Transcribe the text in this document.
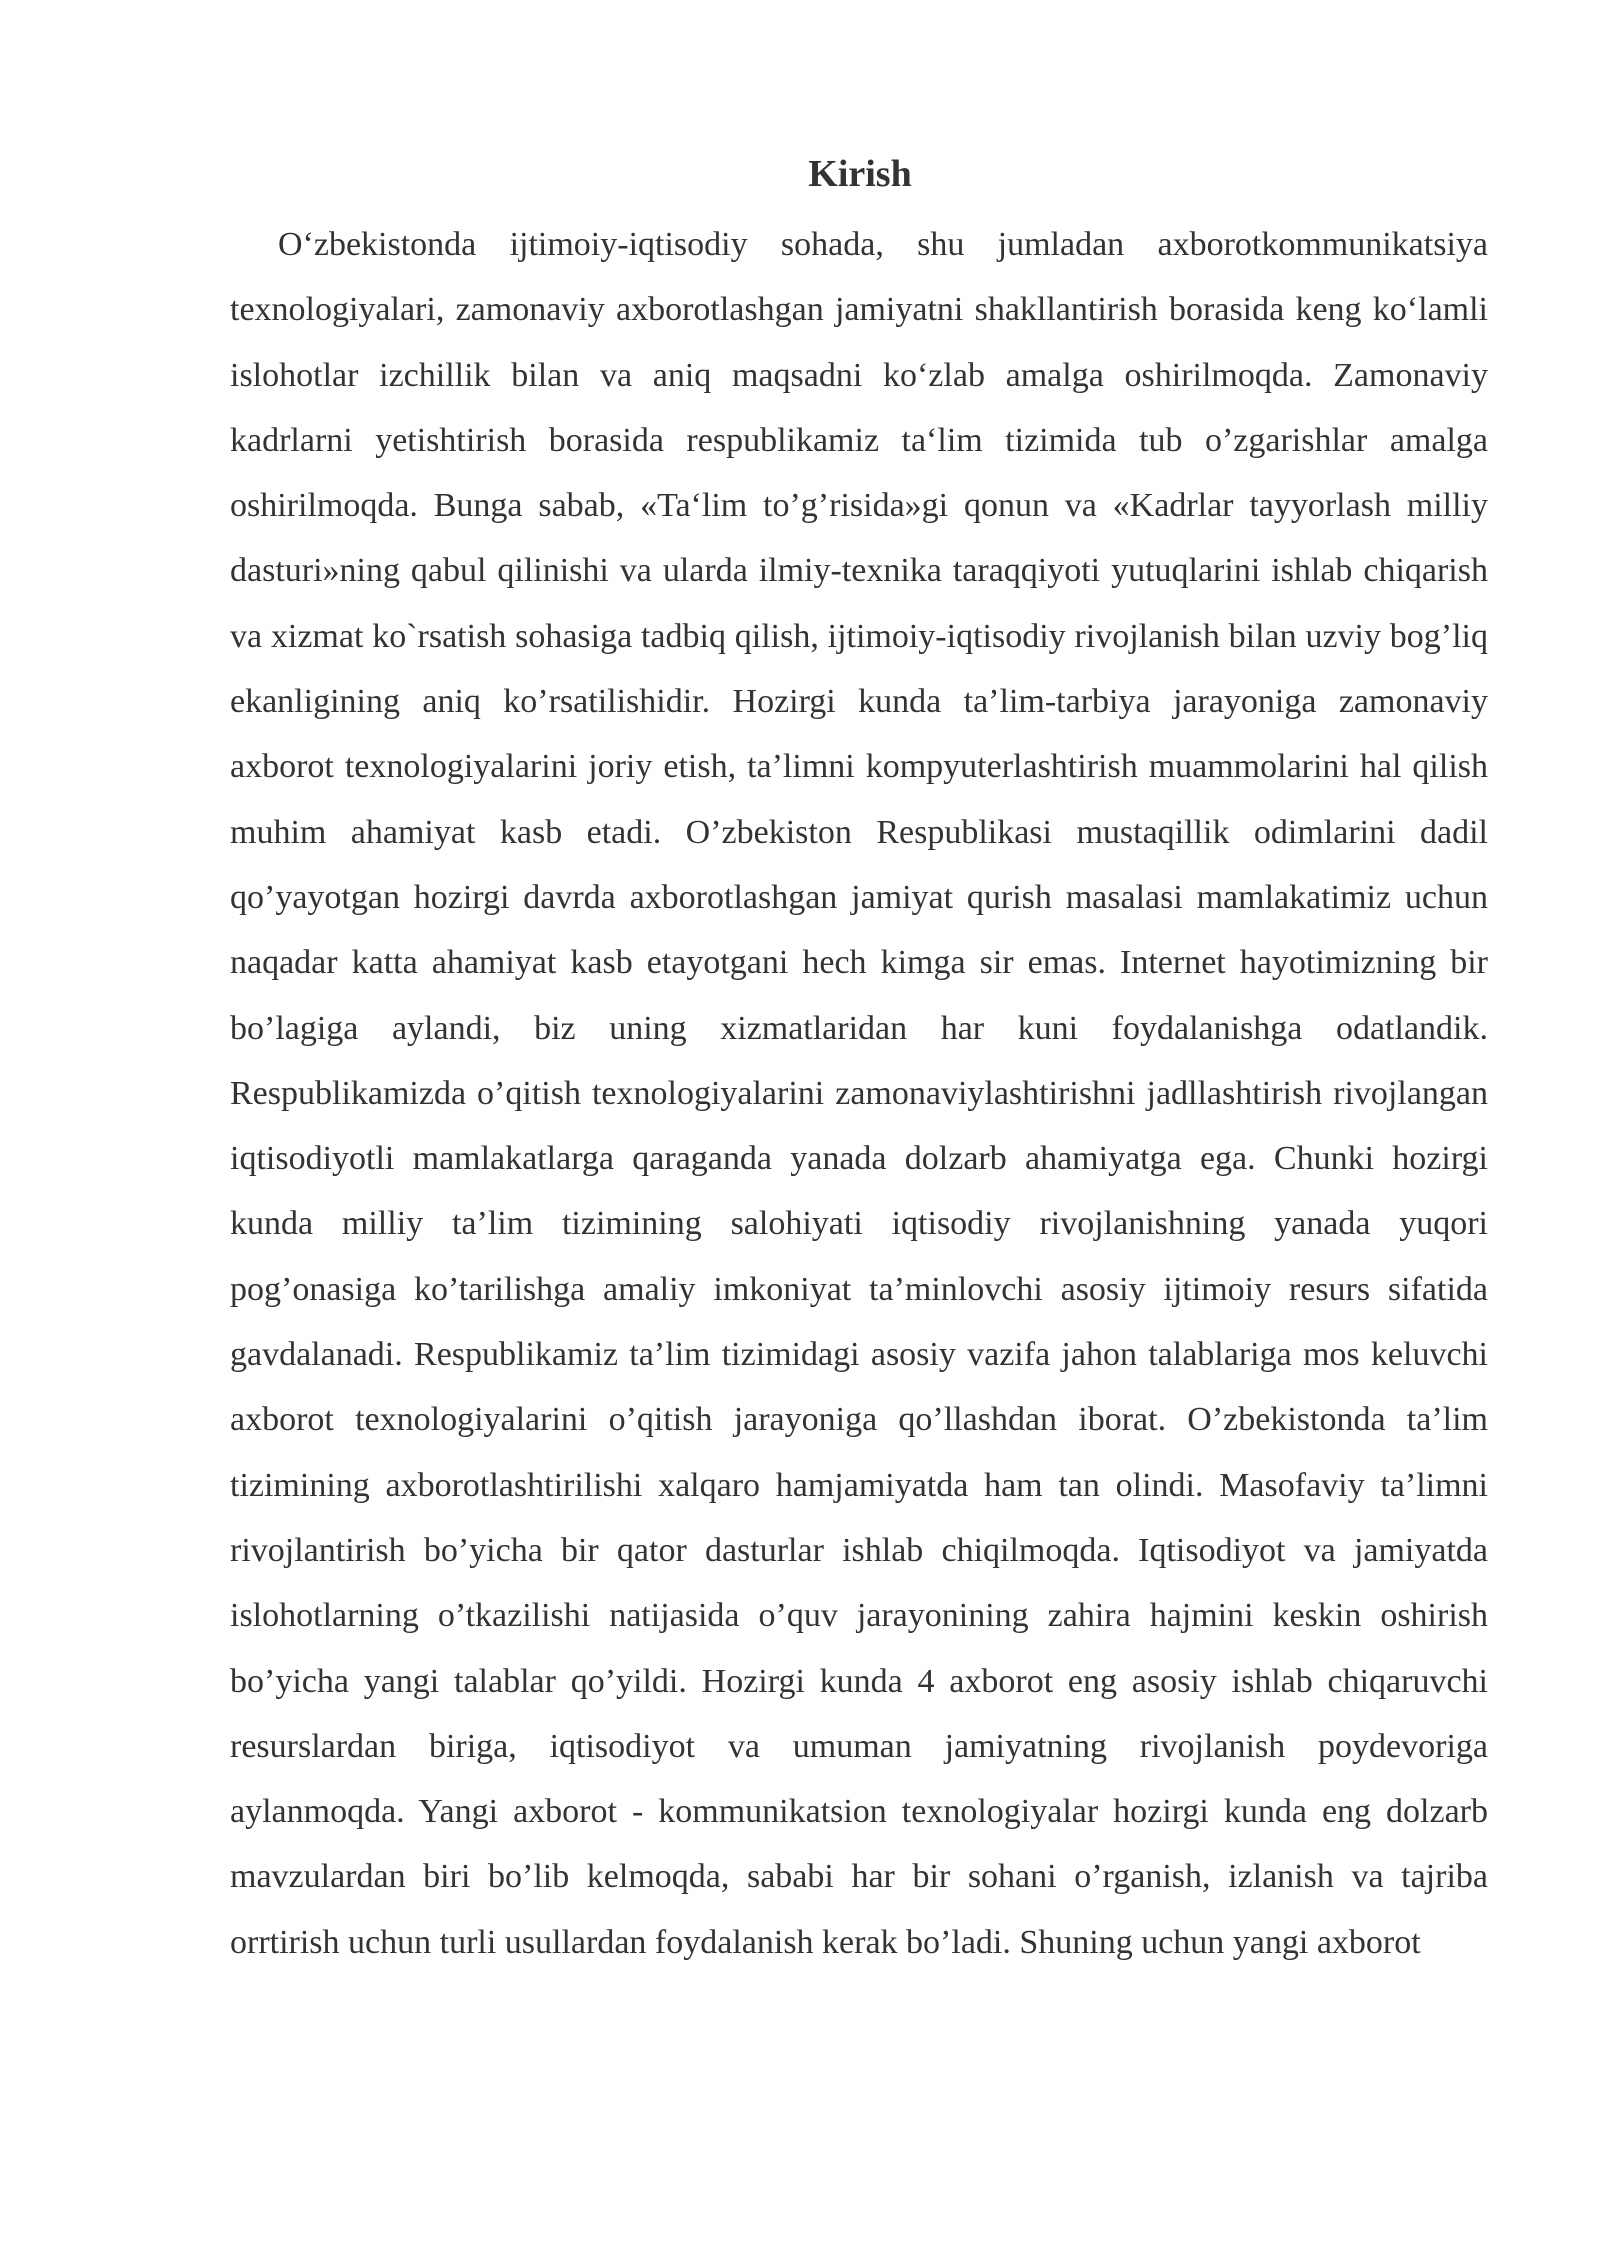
Kirish

O‘zbekistonda ijtimoiy-iqtisodiy sohada, shu jumladan axborotkommunikatsiya texnologiyalari, zamonaviy axborotlashgan jamiyatni shakllantirish borasida keng ko‘lamli islohotlar izchillik bilan va aniq maqsadni ko‘zlab amalga oshirilmoqda. Zamonaviy kadrlarni yetishtirish borasida respublikamiz ta‘lim tizimida tub o’zgarishlar amalga oshirilmoqda. Bunga sabab, «Ta‘lim to’g’risida»gi qonun va «Kadrlar tayyorlash milliy dasturi»ning qabul qilinishi va ularda ilmiy-texnika taraqqiyoti yutuqlarini ishlab chiqarish va xizmat ko`rsatish sohasiga tadbiq qilish, ijtimoiy-iqtisodiy rivojlanish bilan uzviy bog’liq ekanligining aniq ko’rsatilishidir. Hozirgi kunda ta’lim-tarbiya jarayoniga zamonaviy axborot texnologiyalarini joriy etish, ta’limni kompyuterlashtirish muammolarini hal qilish muhim ahamiyat kasb etadi. O’zbekiston Respublikasi mustaqillik odimlarini dadil qo’yayotgan hozirgi davrda axborotlashgan jamiyat qurish masalasi mamlakatimiz uchun naqadar katta ahamiyat kasb etayotgani hech kimga sir emas. Internet hayotimizning bir bo’lagiga aylandi, biz uning xizmatlaridan har kuni foydalanishga odatlandik. Respublikamizda o’qitish texnologiyalarini zamonaviylashtirishni jadllashtirish rivojlangan iqtisodiyotli mamlakatlarga qaraganda yanada dolzarb ahamiyatga ega. Chunki hozirgi kunda milliy ta’lim tizimining salohiyati iqtisodiy rivojlanishning yanada yuqori pog’onasiga ko’tarilishga amaliy imkoniyat ta’minlovchi asosiy ijtimoiy resurs sifatida gavdalanadi. Respublikamiz ta’lim tizimidagi asosiy vazifa jahon talablariga mos keluvchi axborot texnologiyalarini o’qitish jarayoniga qo’llashdan iborat. O’zbekistonda ta’lim tizimining axborotlashtirilishi xalqaro hamjamiyatda ham tan olindi. Masofaviy ta’limni rivojlantirish bo’yicha bir qator dasturlar ishlab chiqilmoqda. Iqtisodiyot va jamiyatda islohotlarning o’tkazilishi natijasida o’quv jarayonining zahira hajmini keskin oshirish bo’yicha yangi talablar qo’yildi. Hozirgi kunda 4 axborot eng asosiy ishlab chiqaruvchi resurslardan biriga, iqtisodiyot va umuman jamiyatning rivojlanish poydevoriga aylanmoqda. Yangi axborot - kommunikatsion texnologiyalar hozirgi kunda eng dolzarb mavzulardan biri bo’lib kelmoqda, sababi har bir sohani o’rganish, izlanish va tajriba orrtirish uchun turli usullardan foydalanish kerak bo’ladi. Shuning uchun yangi axborot
